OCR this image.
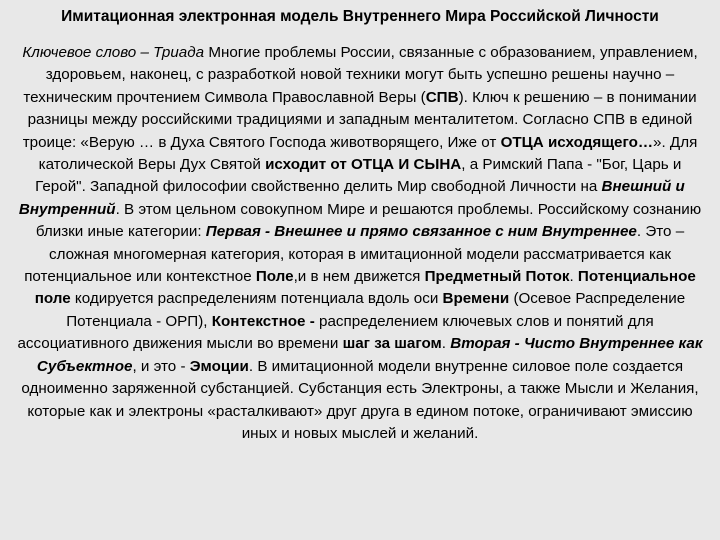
Имитационная электронная модель Внутреннего Мира Российской Личности
Ключевое слово – Триада Многие проблемы России, связанные с образованием, управлением, здоровьем, наконец, с разработкой новой техники могут быть успешно решены научно – техническим прочтением Символа Православной Веры (СПВ). Ключ к решению – в понимании разницы между российскими традициями и западным менталитетом. Согласно СПВ в единой троице: «Верую … в Духа Святого Господа животворящего, Иже от ОТЦА исходящего…». Для католической Веры Дух Святой исходит от ОТЦА И СЫНА, а Римский Папа - "Бог, Царь и Герой". Западной философии свойственно делить Мир свободной Личности на Внешний и Внутренний. В этом цельном совокупном Мире и решаются проблемы. Российскому сознанию близки иные категории: Первая - Внешнее и прямо связанное с ним Внутреннее. Это – сложная многомерная категория, которая в имитационной модели рассматривается как потенциальное или контекстное Поле,и в нем движется Предметный Поток. Потенциальное поле кодируется распределениям потенциала вдоль оси Времени (Осевое Распределение Потенциала - ОРП), Контекстное - распределением ключевых слов и понятий для ассоциативного движения мысли во времени шаг за шагом. Вторая - Чисто Внутреннее как Субъектное, и это - Эмоции. В имитационной модели внутренне силовое поле создается одноименно заряженной субстанцией. Субстанция есть Электроны, а также Мысли и Желания, которые как и электроны «расталкивают» друг друга в едином потоке, ограничивают эмиссию иных и новых мыслей и желаний.
